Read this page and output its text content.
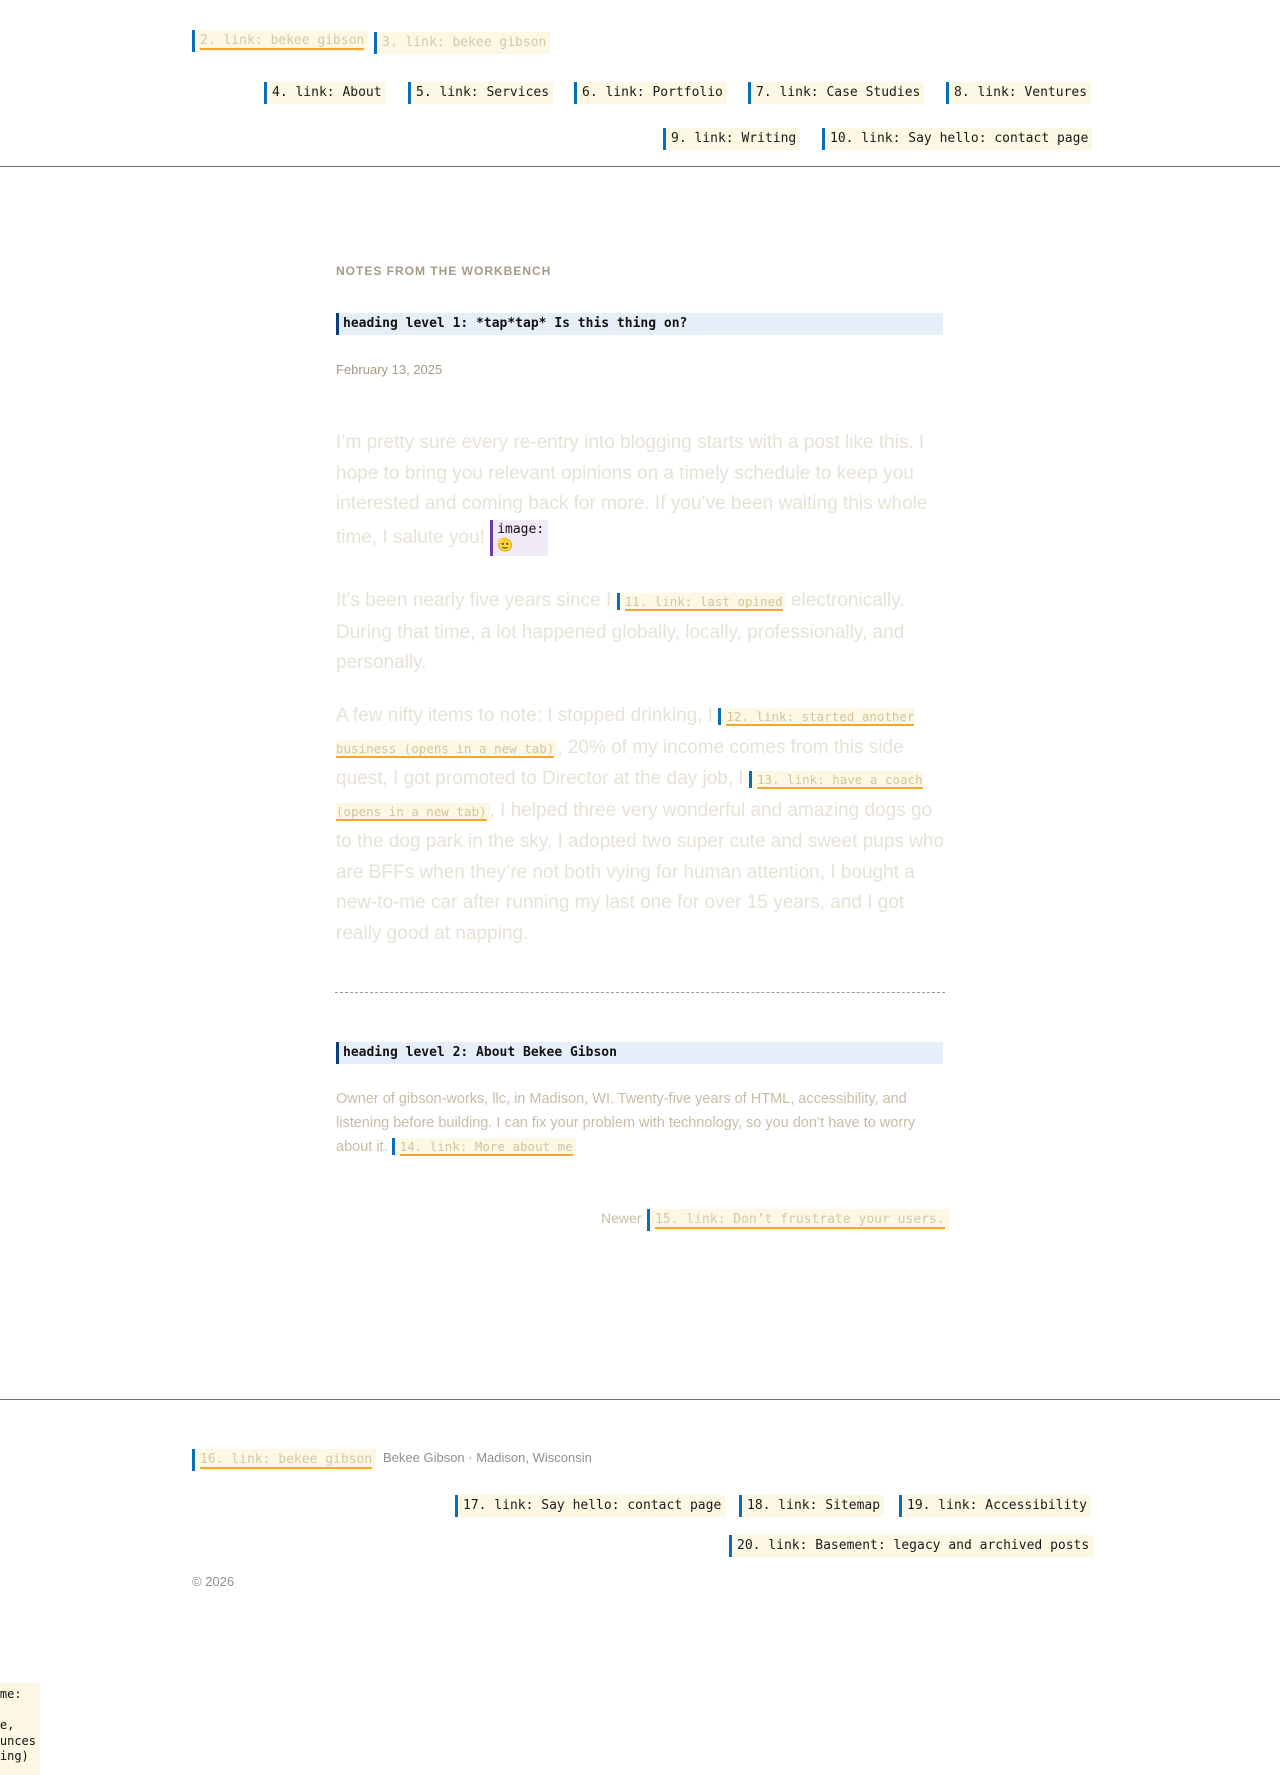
2. link: bekee gibson	3. link: bekee gibson
4. link: About	5. link: Services	6. link: Portfolio	7. link: Case Studies	8. link: Ventures
9. link: Writing	10. link: Say hello: contact page
NOTES FROM THE WORKBENCH
heading level 1: *tap*tap* Is this thing on?
February 13, 2025

I’m pretty sure every re-entry into blogging starts with a post like this. I hope to bring you relevant opinions on a timely schedule to keep you interested and coming back for more. If you’ve been waiting this whole time, I salute you! image:
🫡

It’s been nearly five years since I 11. link: last opined electronically. During that time, a lot happened globally, locally, professionally, and personally.

A few nifty items to note: I stopped drinking, I 12. link: started another business (opens in a new tab) , 20% of my income comes from this side quest, I got promoted to Director at the day job, I 13. link: have a coach (opens in a new tab) , I helped three very wonderful and amazing dogs go to the dog park in the sky, I adopted two super cute and sweet pups who are BFFs when they’re not both vying for human attention, I bought a new-to-me car after running my last one for over 15 years, and I got really good at napping.

heading level 2: About Bekee Gibson

Owner of gibson-works, llc, in Madison, WI. Twenty-five years of HTML, accessibility, and listening before building. I can fix your problem with technology, so you don’t have to worry about it. 14. link: More about me

Newer	15. link: Don’t frustrate your users.
16. link: bekee gibson Bekee Gibson · Madison, Wisconsin
17. link: Say hello: contact page	18. link: Sitemap	19. link: Accessibility
20. link: Basement: legacy and archived posts
© 2026
me:

e,
unces
ing)
